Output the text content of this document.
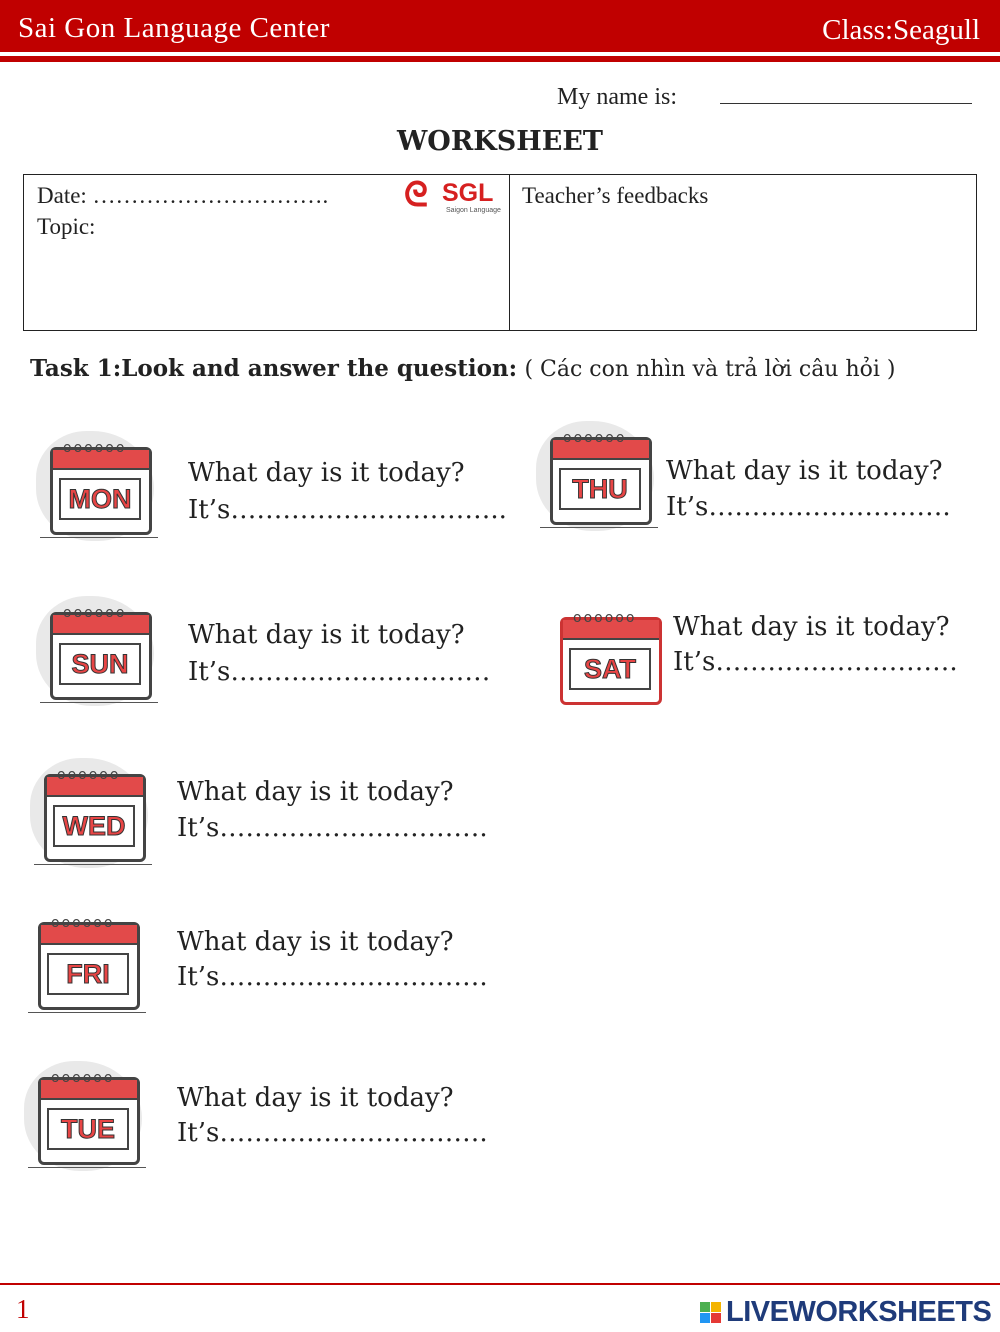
Sai Gon Language Center	Class:Seagull
My name is:
WORKSHEET
Date: ………………………….
Topic:
ᘓ SGL
Saigon Language
Teacher’s feedbacks
Task 1:Look and answer the question: ( Các con nhìn và trả lời câu hỏi )
oooooo
MON
What day is it today?
It’s…………………………..
oooooo
THU
What day is it today?
It’s……………………….
oooooo
SUN
What day is it today?
It’s…………………………
oooooo
SAT
What day is it today?
It’s……………………….
oooooo
WED
What day is it today?
It’s………………………….
oooooo
FRI
What day is it today?
It’s………………………….
oooooo
TUE
What day is it today?
It’s………………………….
1	LIVEWORKSHEETS
